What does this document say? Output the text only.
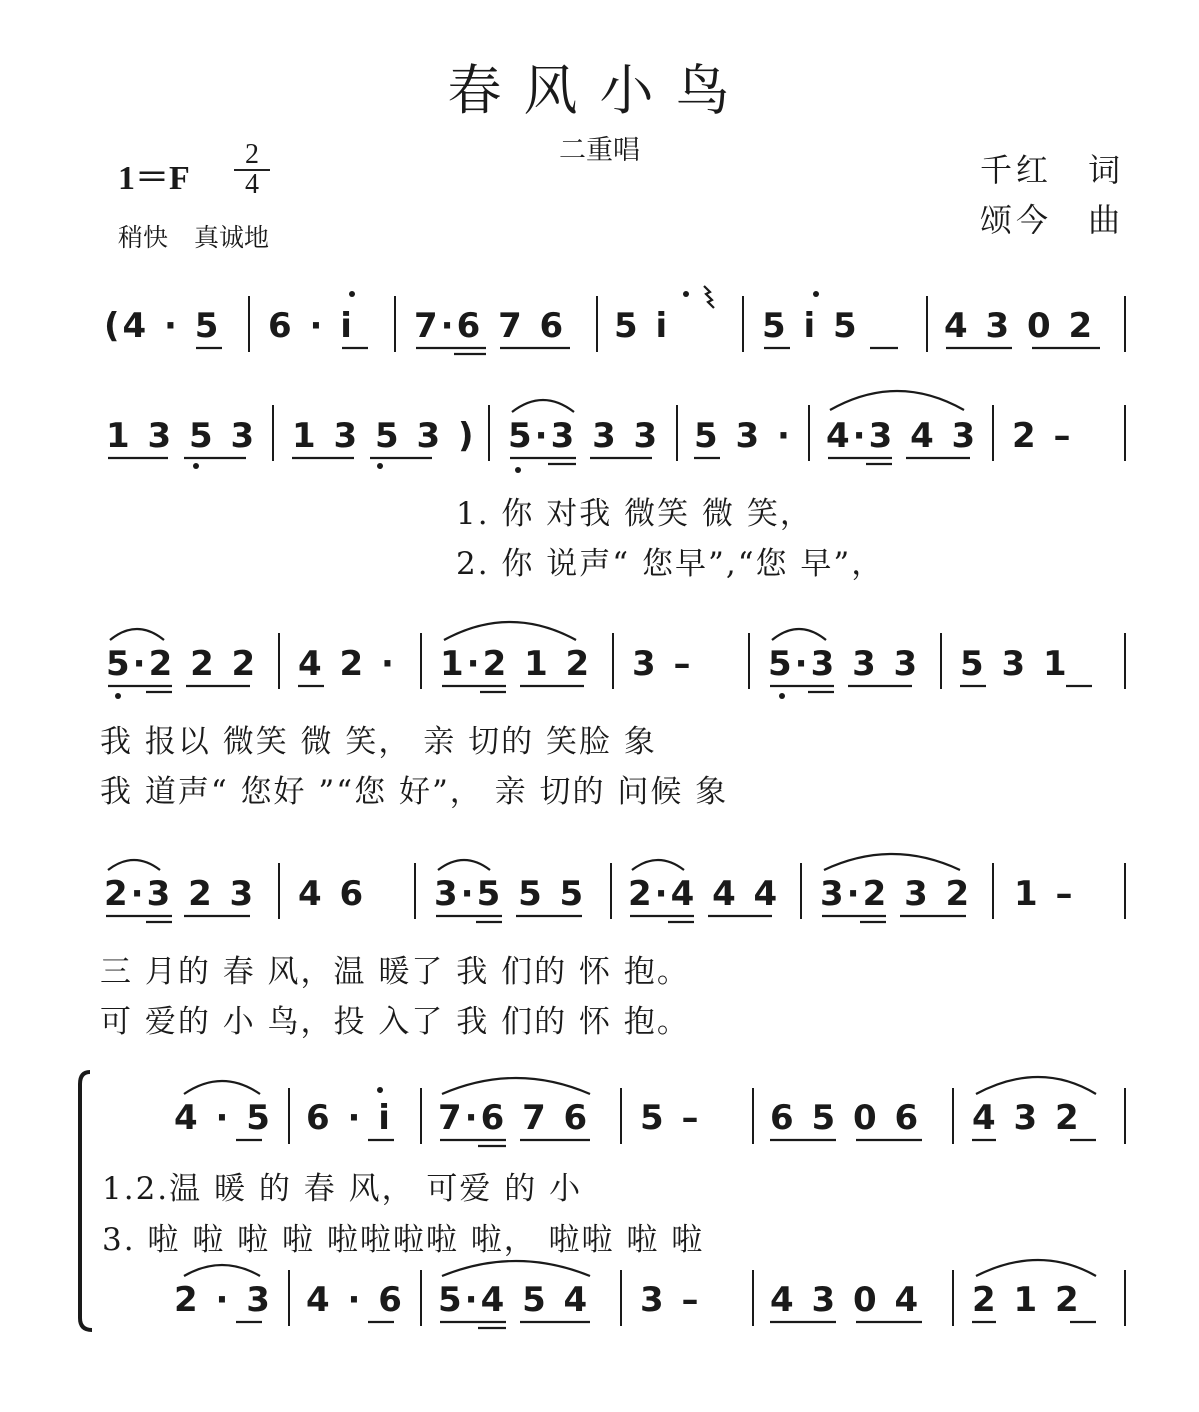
春风小鸟
二重唱
1＝F
2
4
稍快 真诚地
千红 词
颂今 曲
(4 · 5 6 · i 7·6 7 6 5 i	5 i 5 4 3 0 2
1 3 5 3 1 3 5 3 ) 5·3 3 3 5 3 · 4·3 4 3 2 –
1. 你 对我 微笑 微 笑，
2. 你 说声“ 您早”,“您 早”，
5·2 2 2 4 2 · 1·2 1 2 3 – 5·3 3 3 5 3 1
我 报以 微笑 微 笑， 亲 切的 笑脸 象
我 道声“ 您好 ”“您 好”， 亲 切的 问候 象
2·3 2 3 4 6 3·5 5 5 2·4 4 4 3·2 3 2 1 –
三 月的 春 风，温 暖了 我 们的 怀 抱。
可 爱的 小 鸟，投 入了 我 们的 怀 抱。
4 · 5 6 · i 7·6 7 6 5 – 6 5 0 6 4 3 2
1.2.温 暖 的 春 风， 可爱 的 小
3. 啦 啦 啦 啦 啦啦啦啦 啦， 啦啦 啦 啦
2 · 3 4 · 6 5·4 5 4 3 – 4 3 0 4 2 1 2
